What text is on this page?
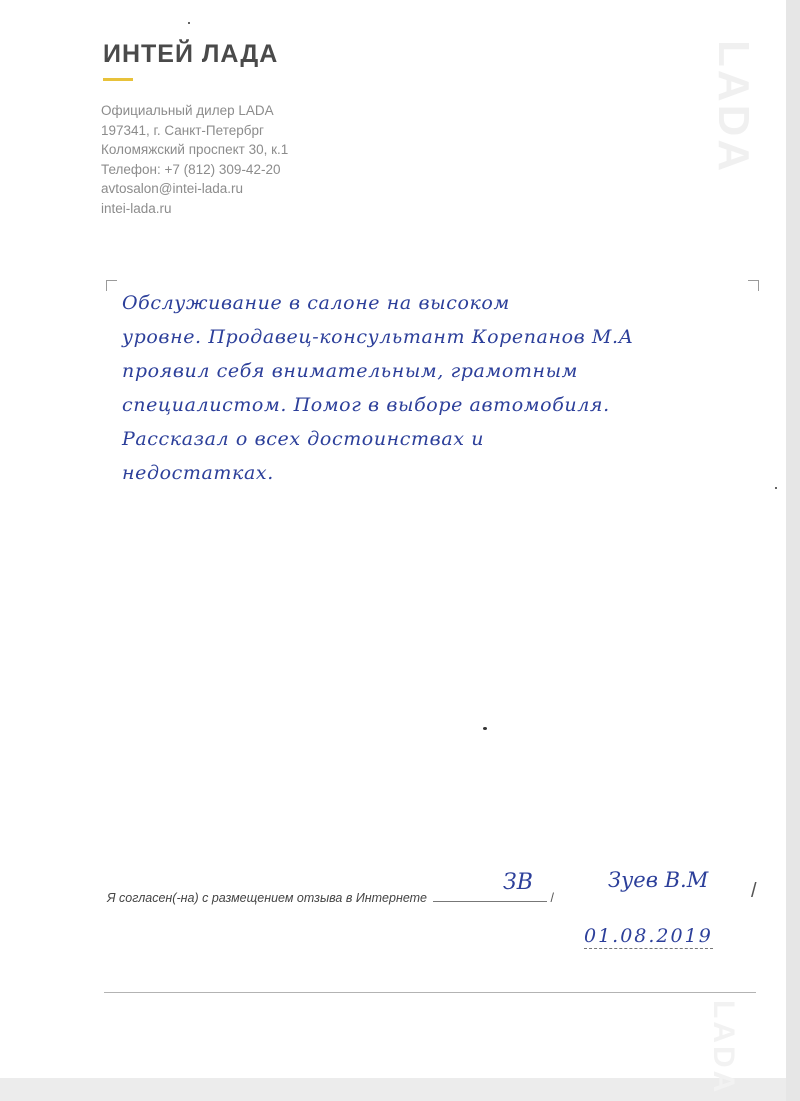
LADA
LADA
ИНТЕЙ ЛАДА
Официальный дилер LADA
197341, г. Санкт-Петербрг
Коломяжский проспект 30, к.1
Телефон: +7 (812) 309-42-20
avtosalon@intei-lada.ru
intei-lada.ru
Обслуживание в салоне на высоком
уровне. Продавец-консультант Корепанов М.А
проявил себя внимательным, грамотным
специалистом. Помог в выборе автомобиля.
Рассказал о всех достоинствах и
недостатках.
Я согласен(-на) с размещением отзыва в Интернете	/
ЗВ	Зуев В.М /
01.08.2019
